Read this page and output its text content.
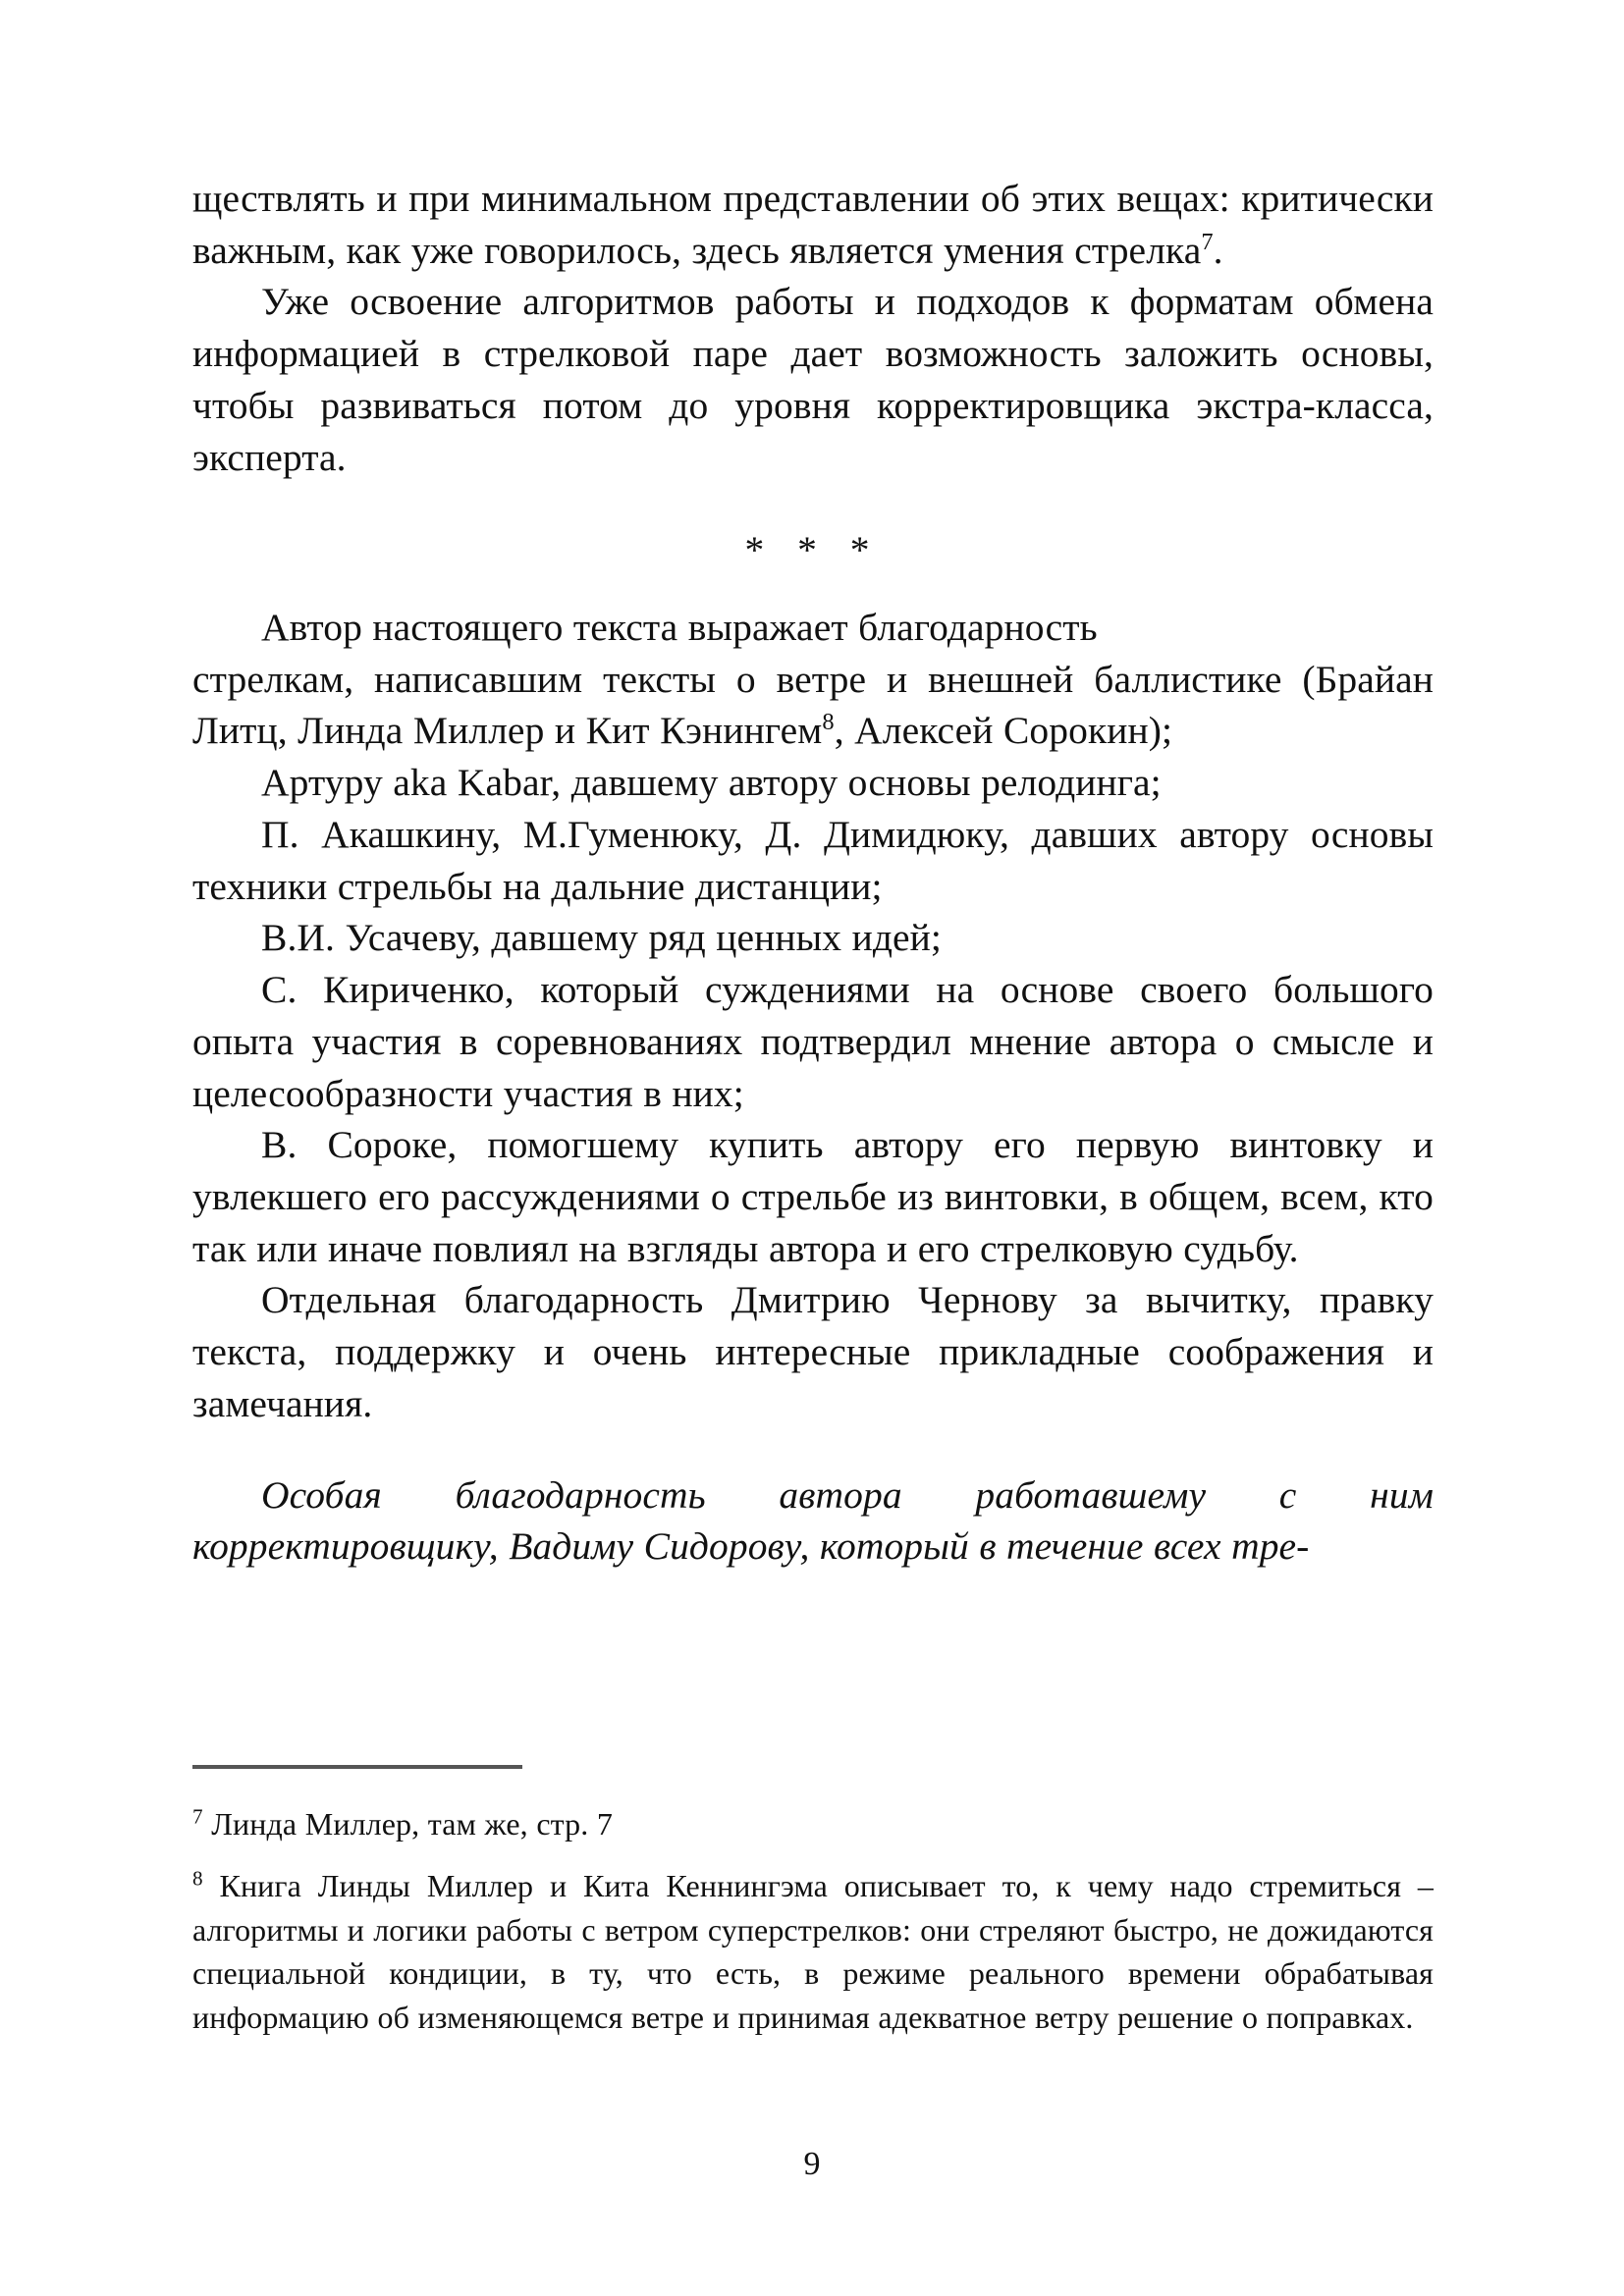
ществлять и при минимальном представлении об этих вещах: критически важным, как уже говорилось, здесь является умения стрелка$^7$.

Уже освоение алгоритмов работы и подходов к форматам обмена информацией в стрелковой паре дает возможность заложить основы, чтобы развиваться потом до уровня корректировщика экстра-класса, эксперта.

* * *

Автор настоящего текста выражает благодарность

стрелкам, написавшим тексты о ветре и внешней баллистике (Брайан Литц, Линда Миллер и Кит Кэнингем$^8$, Алексей Сорокин);

Артуру aka Kabar, давшему автору основы релодинга;

П. Акашкину, М.Гуменюку, Д. Димидюку, давших автору основы техники стрельбы на дальние дистанции;

В.И. Усачеву, давшему ряд ценных идей;

С. Кириченко, который суждениями на основе своего большого опыта участия в соревнованиях подтвердил мнение автора о смысле и целесообразности участия в них;

В. Сороке, помогшему купить автору его первую винтовку и увлекшего его рассуждениями о стрельбе из винтовки, в общем, всем, кто так или иначе повлиял на взгляды автора и его стрелковую судьбу.

Отдельная благодарность Дмитрию Чернову за вычитку, правку текста, поддержку и очень интересные прикладные соображения и замечания.

Особая благодарность автора работавшему с ним корректировщику, Вадиму Сидорову, который в течение всех тре-

$^7$ Линда Миллер, там же, стр. 7

$^8$ Книга Линды Миллер и Кита Кеннингэма описывает то, к чему надо стремиться – алгоритмы и логики работы с ветром суперстрелков: они стреляют быстро, не дожидаются специальной кондиции, в ту, что есть, в режиме реального времени обрабатывая информацию об изменяющемся ветре и принимая адекватное ветру решение о поправках.

9
